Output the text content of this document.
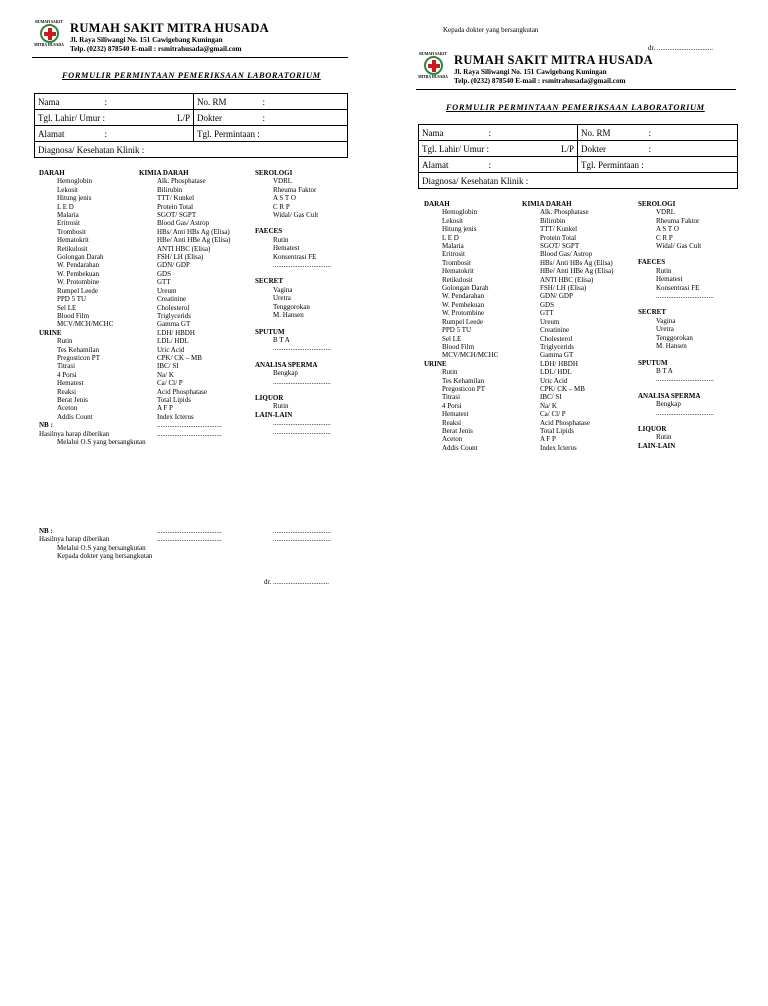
RUMAH SAKIT
MITRA HUSADA
RUMAH SAKIT MITRA HUSADA
Jl. Raya Siliwangi No. 151 Cawigebang Kuningan
Telp. (0232) 878540 E-mail : rsmitrahusada@gmail.com
FORMULIR PERMINTAAN PEMERIKSAAN LABORATORIUM
Nama :	No. RM :

Tgl. Lahir/ Umur : L/P	Dokter :

Alamat :	Tgl. Permintaan :
Diagnosa/ Kesehatan Klinik :	
DARAH
Hemoglobin
Lekosit
Hitung jenis
L E D
Malaria
Eritrosit
Trombosit
Hematokrit
Retikulosit
Golongan Darah
W. Pendarahan
W. Pembekuan
W. Protombine
Rumpel Leede
PPD 5 TU
Sel LE
Blood Film
MCV/MCH/MCHC
URINE
Rutin
Tes Kehamilan
Pregosticon PT
Titrasi
4 Porsi
Hematest
Reaksi
Berat Jenis
Aceton
Addis Count
NB :
Hasilnya harap diberikan
Melalui O.S yang bersangkutan
KIMIA DARAH
Alk. Phosphatase
Bilirubin
TTT/ Kunkel
Protein Total
SGOT/ SGPT
Blood Gas/ Astrop
HBs/ Anti HBs Ag (Elisa)
HBe/ Anti HBe Ag (Elisa)
ANTI HBC (Elisa)
FSH/ LH (Elisa)
GDN/ GDP
GDS
GTT
Ureum
Creatinine
Cholesterol
Triglycerids
Gamma GT
LDH/ HBDH
LDL/ HDL
Uric Acid
CPK/ CK – MB
IBC/ SI
Na/ K
Ca/ Cl/ P
Acid Phosphatase
Total Lipids
A F P
Index Icterus
.....................................
.....................................
SEROLOGI
VDRL
Rheuma Faktor
A S T O
C R P
Widal/ Gas Cult
FAECES
Rutin
Hematest
Konsentrasi FE
.................................
SECRET
Vagina
Uretra
Tenggorokan
M. Hansen
SPUTUM
B T A
.................................
ANALISA SPERMA
Bengkap
.................................
LIQUOR
Rutin
LAIN-LAIN
.................................
.................................
NB :
Hasilnya harap diberikan
Melalui O.S yang bersangkutan
Kepada dokter yang bersangkutan
.....................................
.....................................
.................................
.................................
dr. ................................
Kepada dokter yang bersangkutan
dr. ................................
RUMAH SAKIT
MITRA HUSADA
RUMAH SAKIT MITRA HUSADA
Jl. Raya Siliwangi No. 151 Cawigebang Kuningan
Telp. (0232) 878540 E-mail : rsmitrahusada@gmail.com
FORMULIR PERMINTAAN PEMERIKSAAN LABORATORIUM
Nama :	No. RM :

Tgl. Lahir/ Umur : L/P	Dokter :

Alamat :	Tgl. Permintaan :
Diagnosa/ Kesehatan Klinik :	
DARAH
Hemoglobin
Lekosit
Hitung jenis
L E D
Malaria
Eritrosit
Trombosit
Hematokrit
Retikulosit
Golongan Darah
W. Pendarahan
W. Pembekuan
W. Protombine
Rumpel Leede
PPD 5 TU
Sel LE
Blood Film
MCV/MCH/MCHC
URINE
Rutin
Tes Kehamilan
Pregosticon PT
Titrasi
4 Porsi
Hematest
Reaksi
Berat Jenis
Aceton
Addis Count
KIMIA DARAH
Alk. Phosphatase
Bilirubin
TTT/ Kunkel
Protein Total
SGOT/ SGPT
Blood Gas/ Astrop
HBs/ Anti HBs Ag (Elisa)
HBe/ Anti HBe Ag (Elisa)
ANTI HBC (Elisa)
FSH/ LH (Elisa)
GDN/ GDP
GDS
GTT
Ureum
Creatinine
Cholesterol
Triglycerids
Gamma GT
LDH/ HBDH
LDL/ HDL
Uric Acid
CPK/ CK – MB
IBC/ SI
Na/ K
Ca/ Cl/ P
Acid Phosphatase
Total Lipids
A F P
Index Icterus
SEROLOGI
VDRL
Rheuma Faktor
A S T O
C R P
Widal/ Gas Cult
FAECES
Rutin
Hematest
Konsentrasi FE
.................................
SECRET
Vagina
Uretra
Tenggorokan
M. Hansen
SPUTUM
B T A
.................................
ANALISA SPERMA
Bengkap
.................................
LIQUOR
Rutin
LAIN-LAIN
